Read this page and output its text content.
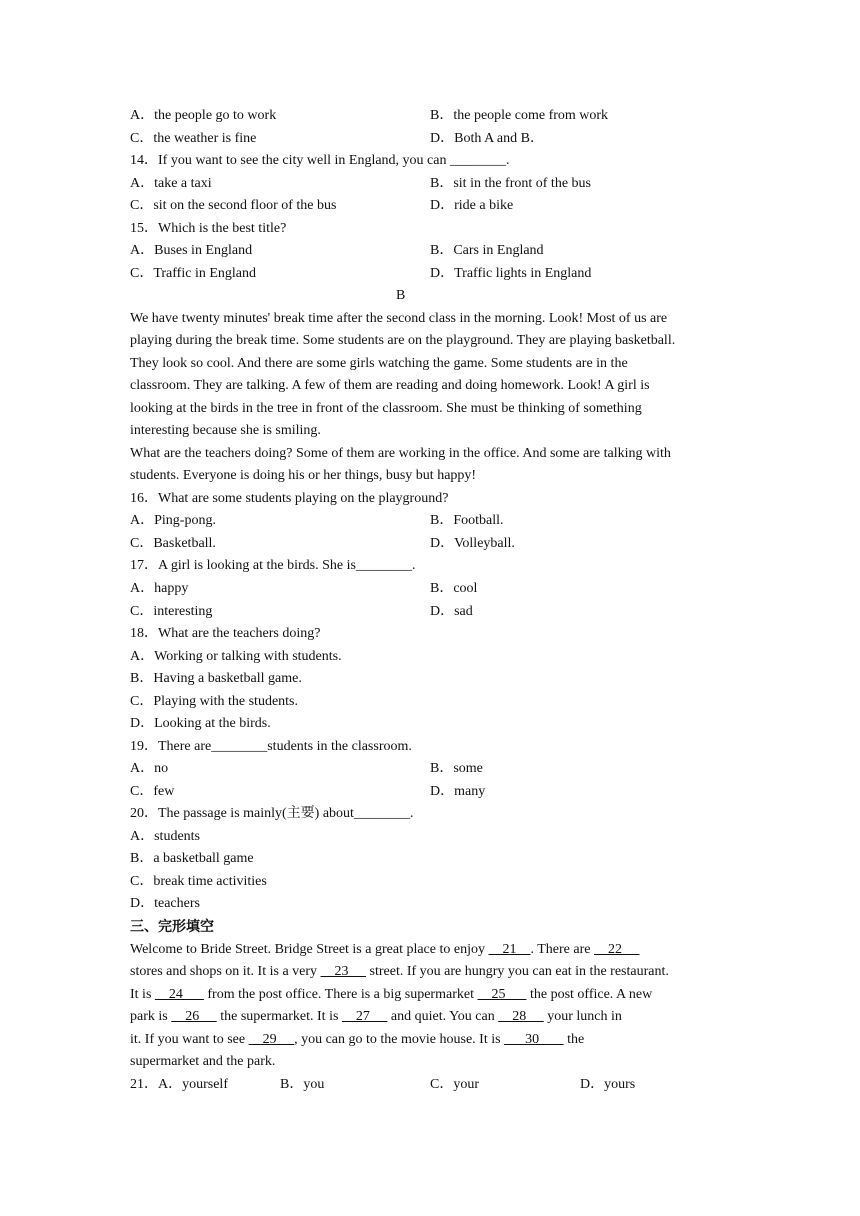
A．the people go to work	B．the people come from work
C．the weather is fine	D．Both A and B．
14．If you want to see the city well in England, you can ________.
A．take a taxi	B．sit in the front of the bus
C．sit on the second floor of the bus	D．ride a bike
15．Which is the best title?
A．Buses in England	B．Cars in England
C．Traffic in England	D．Traffic lights in England
B
We have twenty minutes' break time after the second class in the morning. Look! Most of us are
playing during the break time. Some students are on the playground. They are playing basketball.
They look so cool. And there are some girls watching the game. Some students are in the
classroom. They are talking. A few of them are reading and doing homework. Look! A girl is
looking at the birds in the tree in front of the classroom. She must be thinking of something
interesting because she is smiling.
What are the teachers doing? Some of them are working in the office. And some are talking with
students. Everyone is doing his or her things, busy but happy!
16．What are some students playing on the playground?
A．Ping-pong.	B．Football.
C．Basketball.	D．Volleyball.
17．A girl is looking at the birds. She is________.
A．happy	B．cool
C．interesting	D．sad
18．What are the teachers doing?
A．Working or talking with students.
B．Having a basketball game.
C．Playing with the students.
D．Looking at the birds.
19．There are________students in the classroom.
A．no	B．some
C．few	D．many
20．The passage is mainly(主要) about________.
A．students
B．a basketball game
C．break time activities
D．teachers
三、完形填空
Welcome to Bride Street. Bridge Street is a great place to enjoy     21    . There are     22
stores and shops on it. It is a very     23      street. If you are hungry you can eat in the restaurant.
It is     24       from the post office. There is a big supermarket     25       the post office. A new
park is     26      the supermarket. It is     27      and quiet. You can     28      your lunch in
it. If you want to see     29     , you can go to the movie house. It is       30        the
supermarket and the park.
21．A．yourself	B．you	C．your	D．yours
